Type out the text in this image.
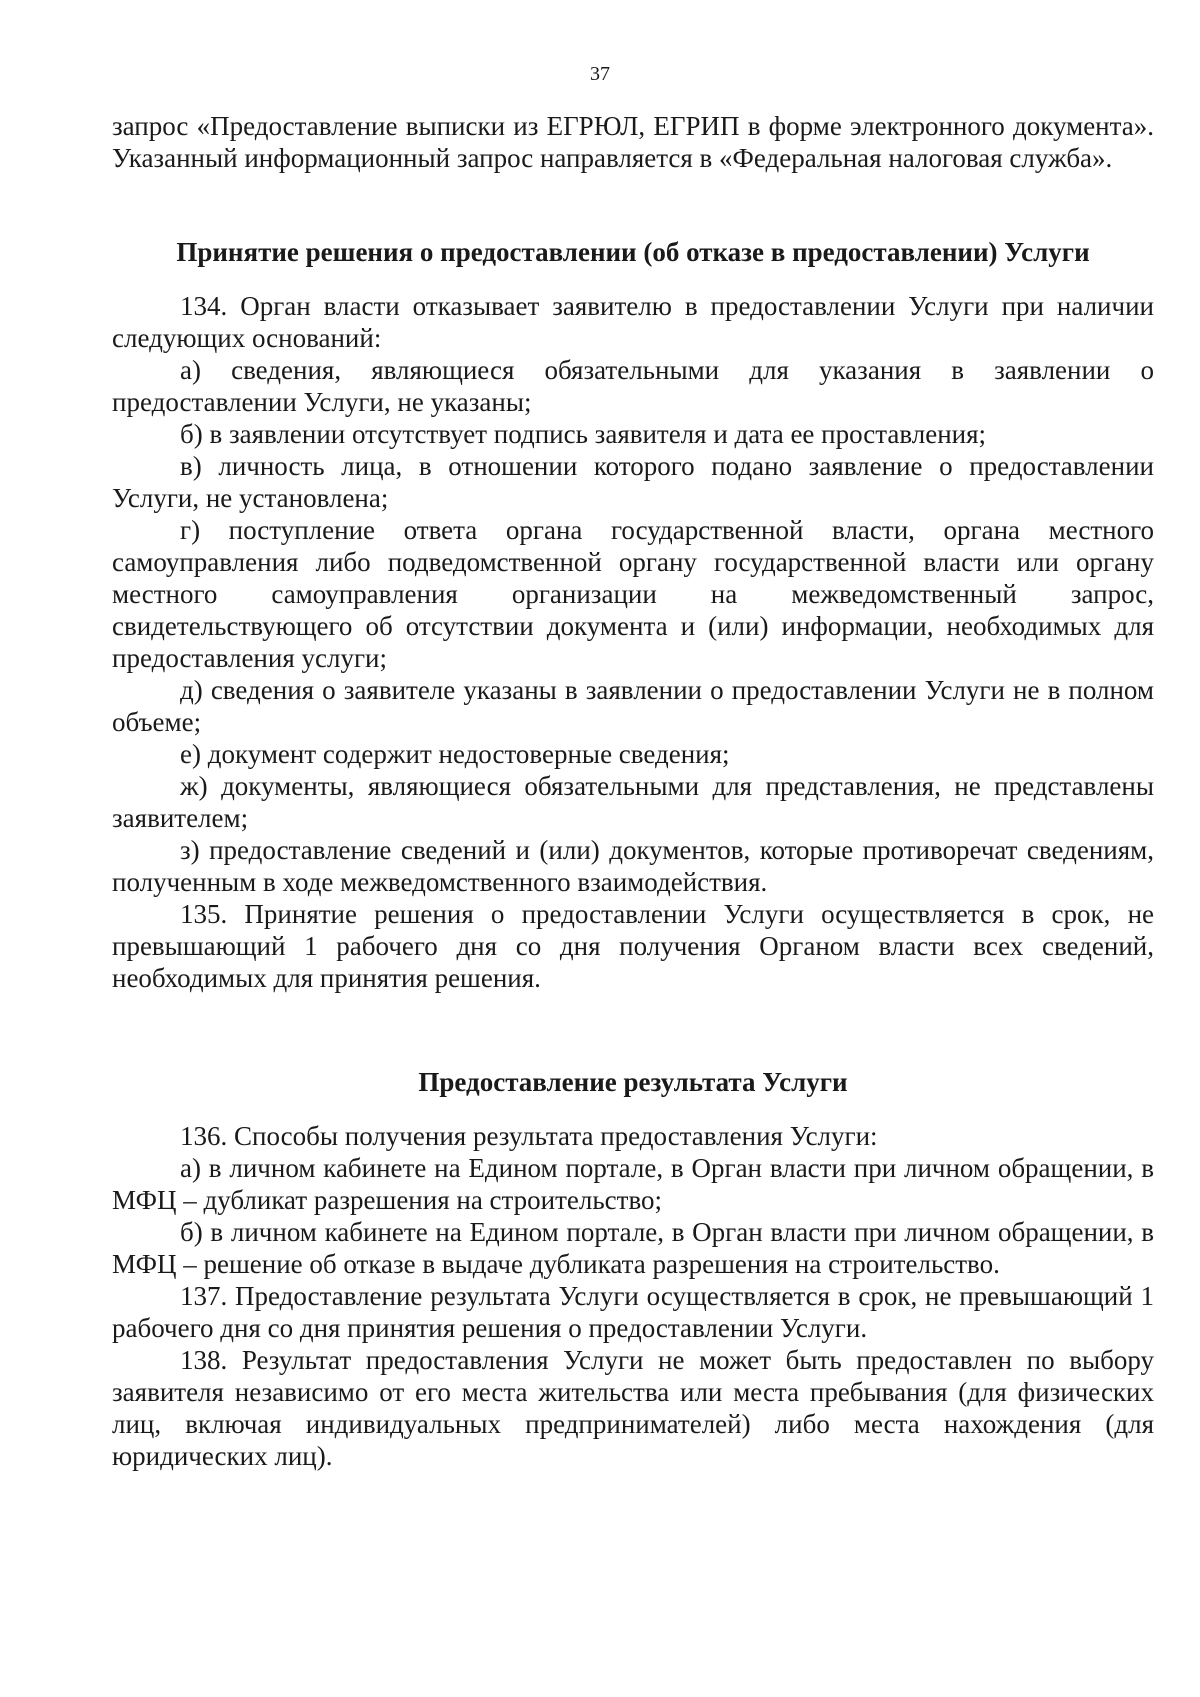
37

запрос «Предоставление выписки из ЕГРЮЛ, ЕГРИП в форме электронного документа». Указанный информационный запрос направляется в «Федеральная налоговая служба».

Принятие решения о предоставлении (об отказе в предоставлении) Услуги

134. Орган власти отказывает заявителю в предоставлении Услуги при наличии следующих оснований:

а) сведения, являющиеся обязательными для указания в заявлении о предоставлении Услуги, не указаны;

б) в заявлении отсутствует подпись заявителя и дата ее проставления;

в) личность лица, в отношении которого подано заявление о предоставлении Услуги, не установлена;

г) поступление ответа органа государственной власти, органа местного самоуправления либо подведомственной органу государственной власти или органу местного самоуправления организации на межведомственный запрос, свидетельствующего об отсутствии документа и (или) информации, необходимых для предоставления услуги;

д) сведения о заявителе указаны в заявлении о предоставлении Услуги не в полном объеме;

е) документ содержит недостоверные сведения;

ж) документы, являющиеся обязательными для представления, не представлены заявителем;

з) предоставление сведений и (или) документов, которые противоречат сведениям, полученным в ходе межведомственного взаимодействия.

135. Принятие решения о предоставлении Услуги осуществляется в срок, не превышающий 1 рабочего дня со дня получения Органом власти всех сведений, необходимых для принятия решения.

Предоставление результата Услуги

136. Способы получения результата предоставления Услуги:

а) в личном кабинете на Едином портале, в Орган власти при личном обращении, в МФЦ – дубликат разрешения на строительство;

б) в личном кабинете на Едином портале, в Орган власти при личном обращении, в МФЦ – решение об отказе в выдаче дубликата разрешения на строительство.

137. Предоставление результата Услуги осуществляется в срок, не превышающий 1 рабочего дня со дня принятия решения о предоставлении Услуги.

138. Результат предоставления Услуги не может быть предоставлен по выбору заявителя независимо от его места жительства или места пребывания (для физических лиц, включая индивидуальных предпринимателей) либо места нахождения (для юридических лиц).
